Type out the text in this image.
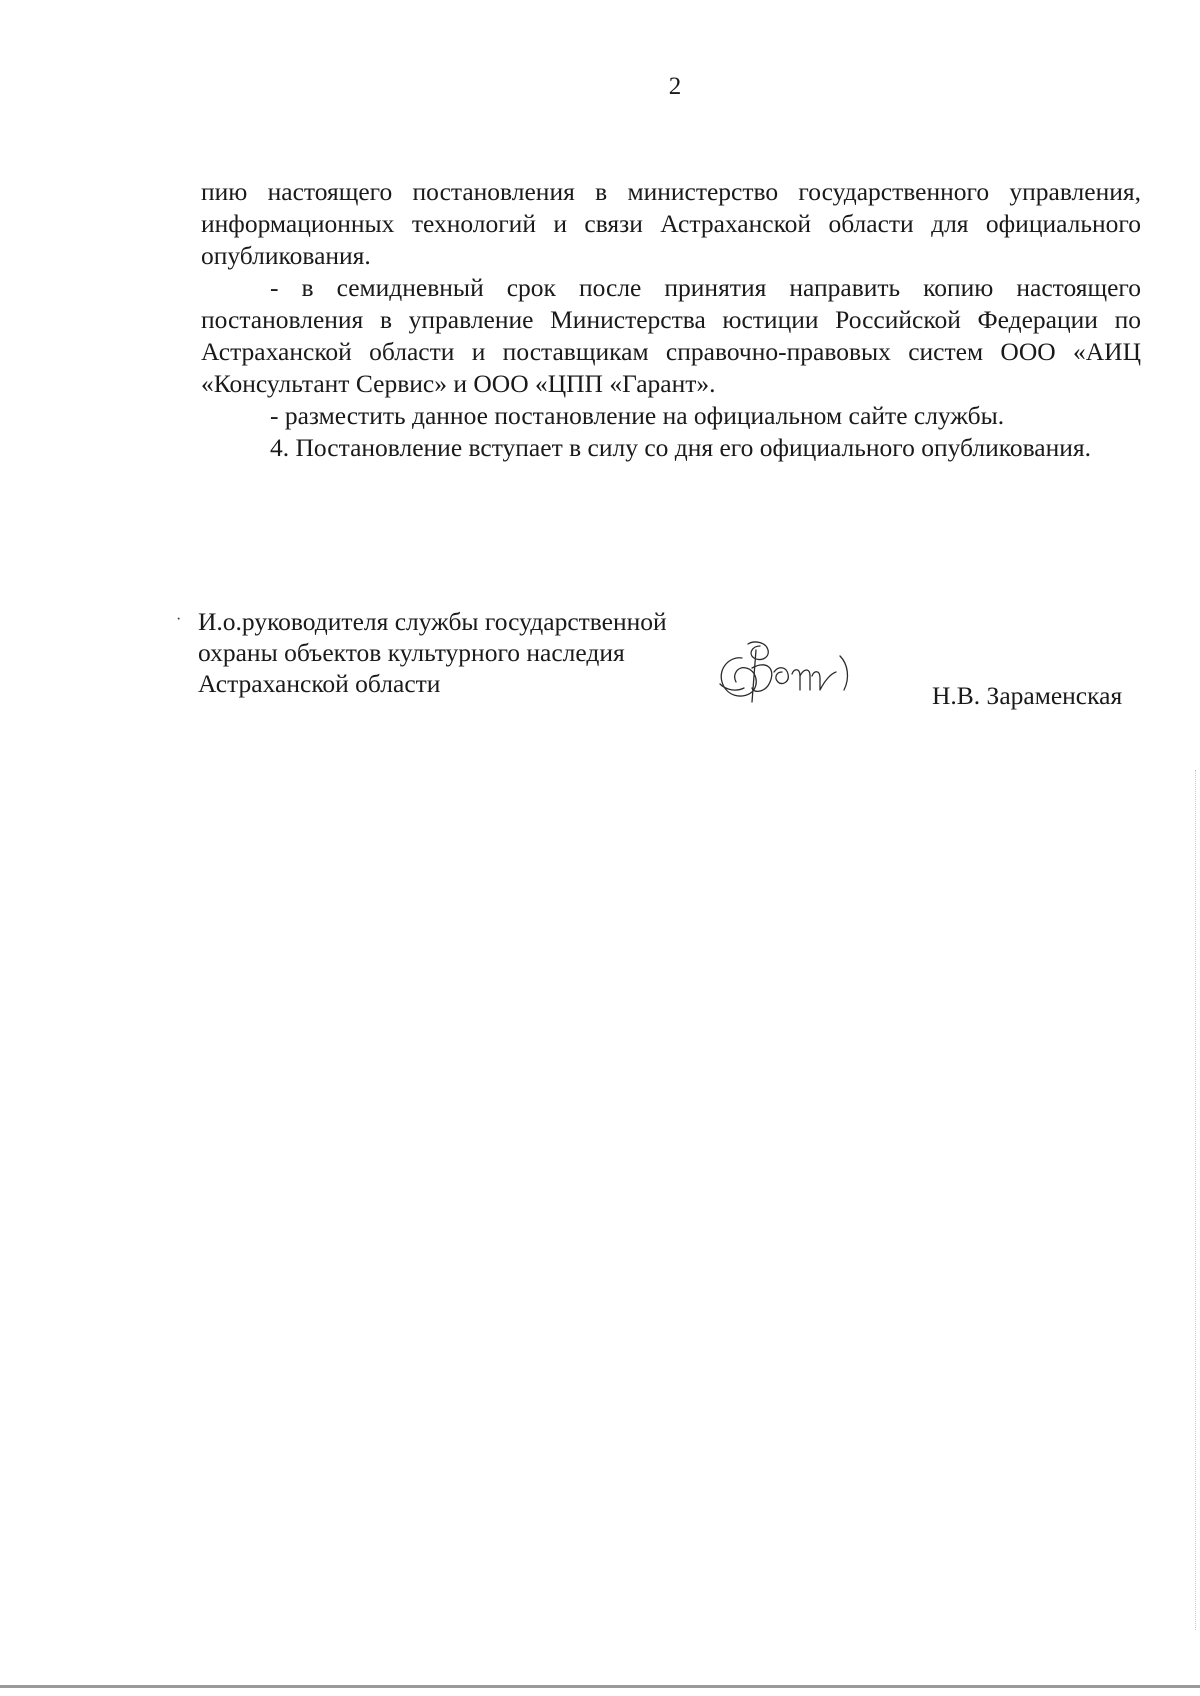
2

пию настоящего постановления в министерство государственного управления, информационных технологий и связи Астраханской области для официального опубликования.

- в семидневный срок после принятия направить копию настоящего постановления в управление Министерства юстиции Российской Федерации по Астраханской области и поставщикам справочно-правовых систем ООО «АИЦ «Консультант Сервис» и ООО «ЦПП «Гарант».

- разместить данное постановление на официальном сайте службы.

4. Постановление вступает в силу со дня его официального опубликования.

· И.о.руководителя службы государственной
охраны объектов культурного наследия
Астраханской области	Н.В. Зараменская
